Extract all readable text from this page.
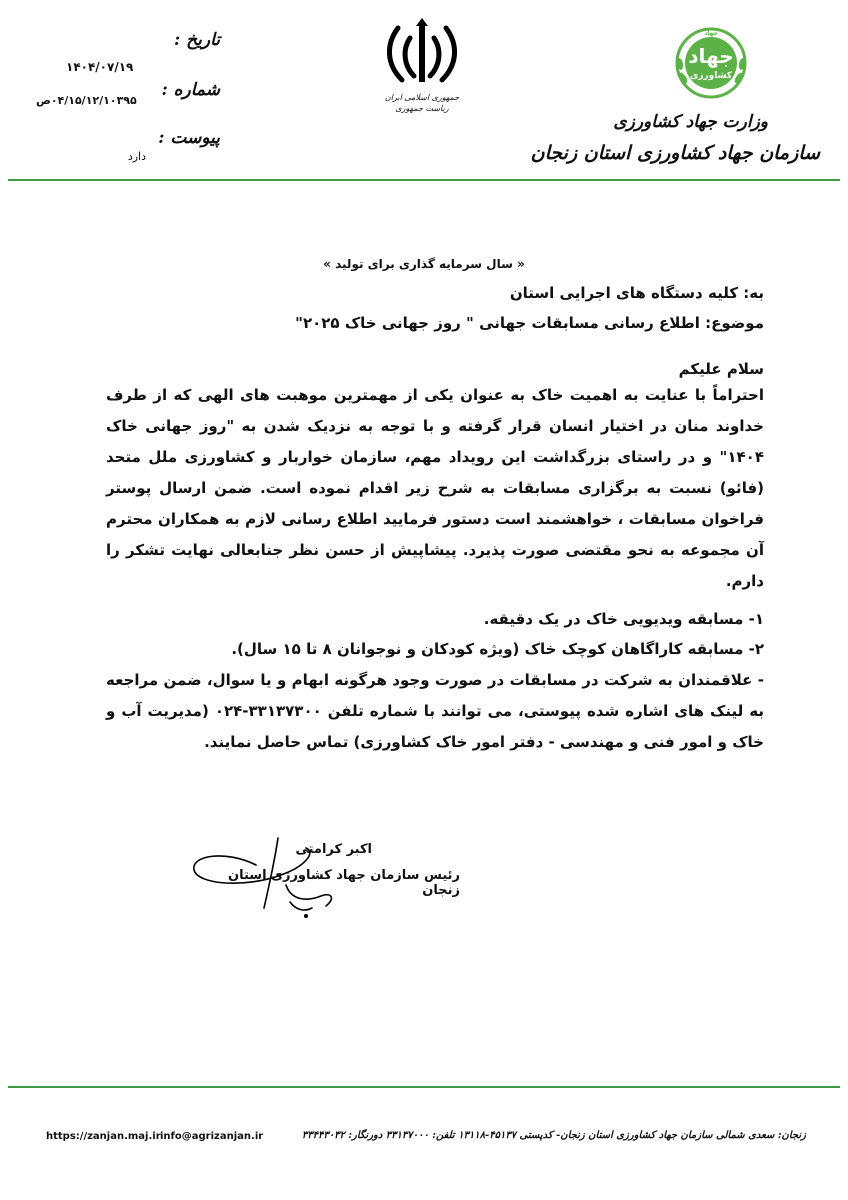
تاریخ :
۱۴۰۴/۰۷/۱۹
شماره :
۰۴/۱۵/۱۲/۱۰۳۹۵ص
پیوست :
دارد
جمهوری اسلامی ایران
ریاست جمهوری
جهاد
جهاد
کشاورزی
وزارت جهاد کشاورزی
سازمان جهاد کشاورزی استان زنجان
« سال سرمایه گذاری برای تولید »
به: کلیه دستگاه های اجرایی استان
موضوع: اطلاع رسانی مسابقات جهانی " روز جهانی خاک ۲۰۲۵"
سلام علیکم
احتراماً با عنایت به اهمیت خاک به عنوان یکی از مهمترین موهبت های الهی که از طرف خداوند منان در اختیار انسان قرار گرفته و با توجه به نزدیک شدن به "روز جهانی خاک ۱۴۰۴" و در راستای بزرگداشت این رویداد مهم، سازمان خواربار و کشاورزی ملل متحد (فائو) نسبت به برگزاری مسابقات به شرح زیر اقدام نموده است. ضمن ارسال پوستر فراخوان مسابقات ، خواهشمند است دستور فرمایید اطلاع رسانی لازم به همکاران محترم آن مجموعه به نحو مقتضی صورت پذیرد. پیشاپیش از حسن نظر جنابعالی نهایت تشکر را دارم.
۱- مسابقه ویدیویی خاک در یک دقیقه.
۲- مسابقه کاراگاهان کوچک خاک (ویژه کودکان و نوجوانان ۸ تا ۱۵ سال).
- علاقمندان به شرکت در مسابقات در صورت وجود هرگونه ابهام و یا سوال، ضمن مراجعه به لینک های اشاره شده پیوستی، می توانند با شماره تلفن ۳۳۱۳۷۳۰۰-۰۲۴ (مدیریت آب و خاک و امور فنی و مهندسی - دفتر امور خاک کشاورزی) تماس حاصل نمایند.
اکبر کرامتی
رئیس سازمان جهاد کشاورزی استان زنجان
https://zanjan.maj.ir info@agrizanjan.ir	زنجان: سعدی شمالی سازمان جهاد کشاورزی استان زنجان- کدپستی ۴۵۱۳۷-۱۳۱۱۸ تلفن: ۳۳۱۳۷۰۰۰ دورنگار: ۳۳۴۴۳۰۳۲
